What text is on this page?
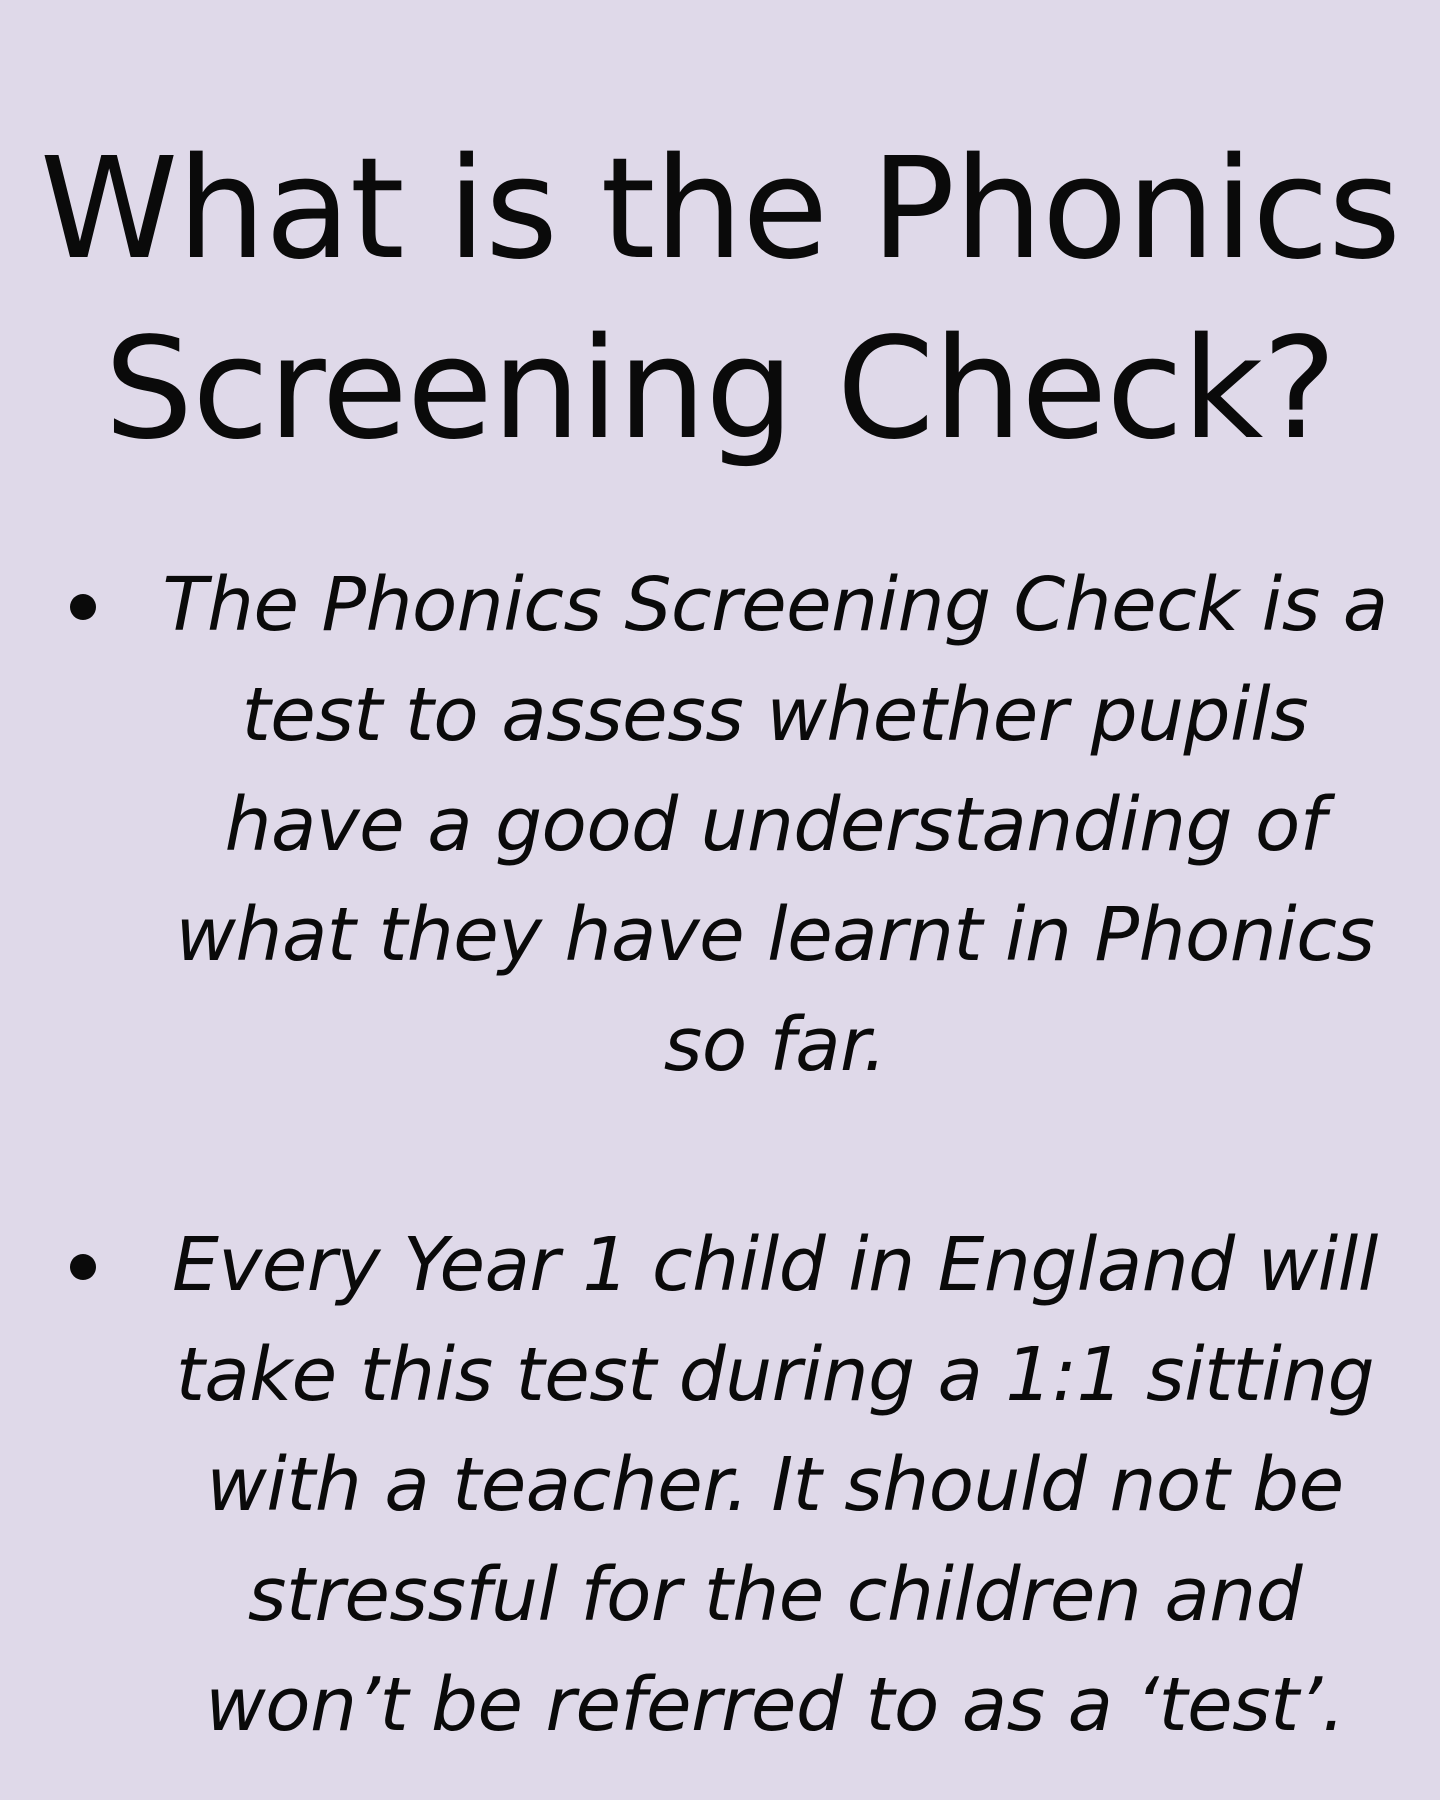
What is the Phonics Screening Check?
The Phonics Screening Check is a test to assess whether pupils have a good understanding of what they have learnt in Phonics so far.
Every Year 1 child in England will take this test during a 1:1 sitting with a teacher. It should not be stressful for the children and won’t be referred to as a ‘test’.
